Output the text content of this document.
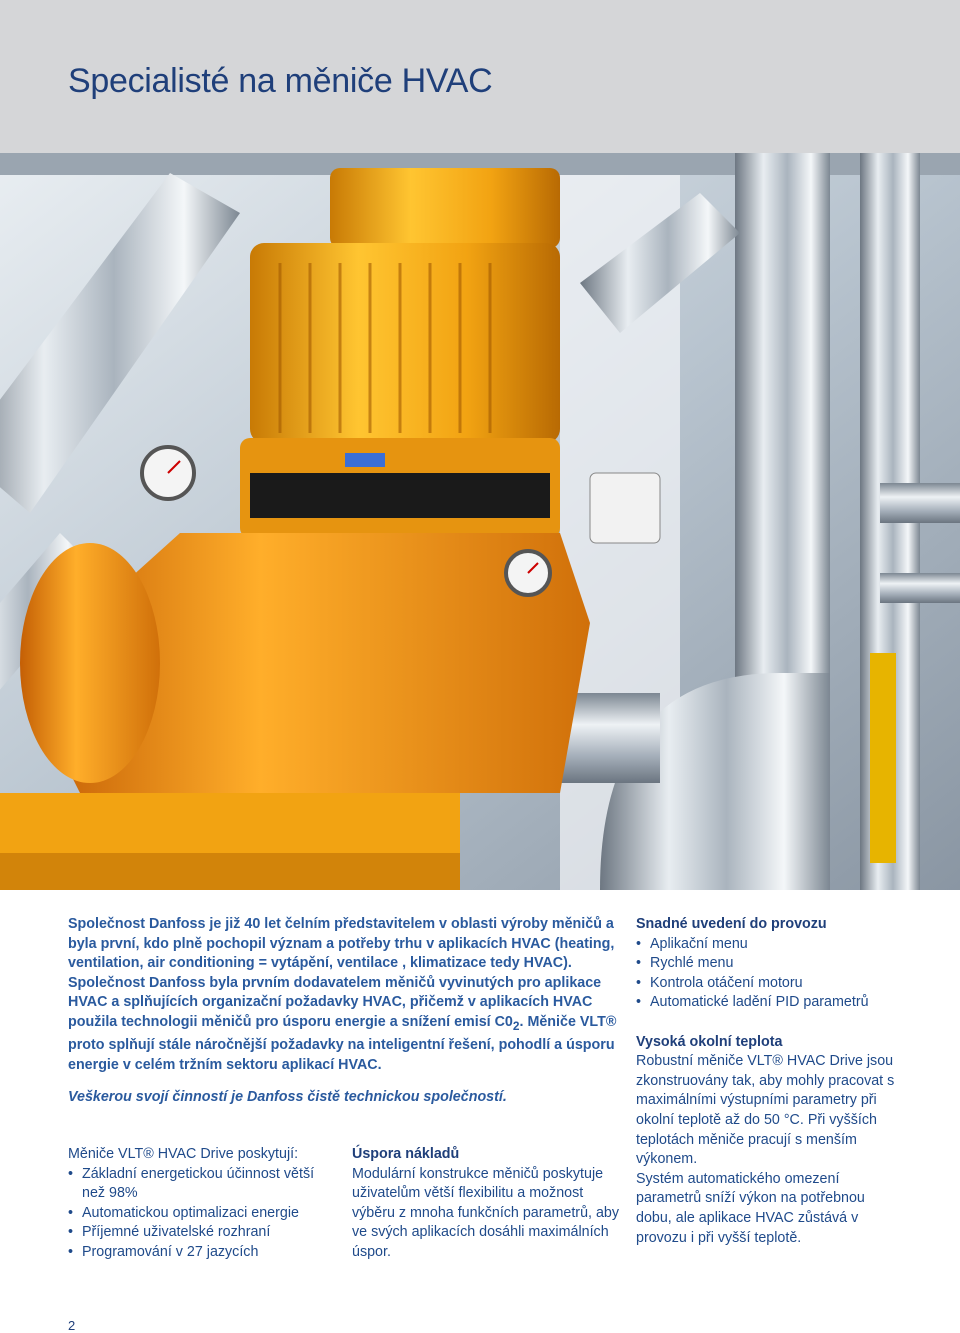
Specialisté na měniče HVAC

Společnost Danfoss je již 40 let čelním představitelem v oblasti výroby měničů a byla první, kdo plně pochopil význam a potřeby trhu v aplikacích HVAC (heating, ventilation, air conditioning = vytápění, ventilace , klimatizace tedy HVAC). Společnost Danfoss byla prvním dodavatelem měničů vyvinutých pro aplikace HVAC a splňujících organizační požadavky HVAC, přičemž v aplikacích HVAC použila technologii měničů pro úsporu energie a snížení emisí $C0_2$. Měniče VLT® proto splňují stále náročnější požadavky na inteligentní řešení, pohodlí a úsporu energie v celém tržním sektoru aplikací HVAC.

Veškerou svojí činností je Danfoss čistě technickou společností.

Měniče VLT® HVAC Drive poskytují:

• Základní energetickou účinnost větší než 98%
• Automatickou optimalizaci energie
• Příjemné uživatelské rozhraní
• Programování v 27 jazycích

Úspora nákladů

Modulární konstrukce měničů poskytuje uživatelům větší flexibilitu a možnost výběru z mnoha funkčních parametrů, aby ve svých aplikacích dosáhli maximálních úspor.

Snadné uvedení do provozu

• Aplikační menu
• Rychlé menu
• Kontrola otáčení motoru
• Automatické ladění PID parametrů

Vysoká okolní teplota

Robustní měniče VLT® HVAC Drive jsou zkonstruovány tak, aby mohly pracovat s maximálními výstupními parametry při okolní teplotě až do 50 °C. Při vyšších teplotách měniče pracují s menším výkonem.

Systém automatického omezení parametrů sníží výkon na potřebnou dobu, ale aplikace HVAC zůstává v provozu i při vyšší teplotě.

2
